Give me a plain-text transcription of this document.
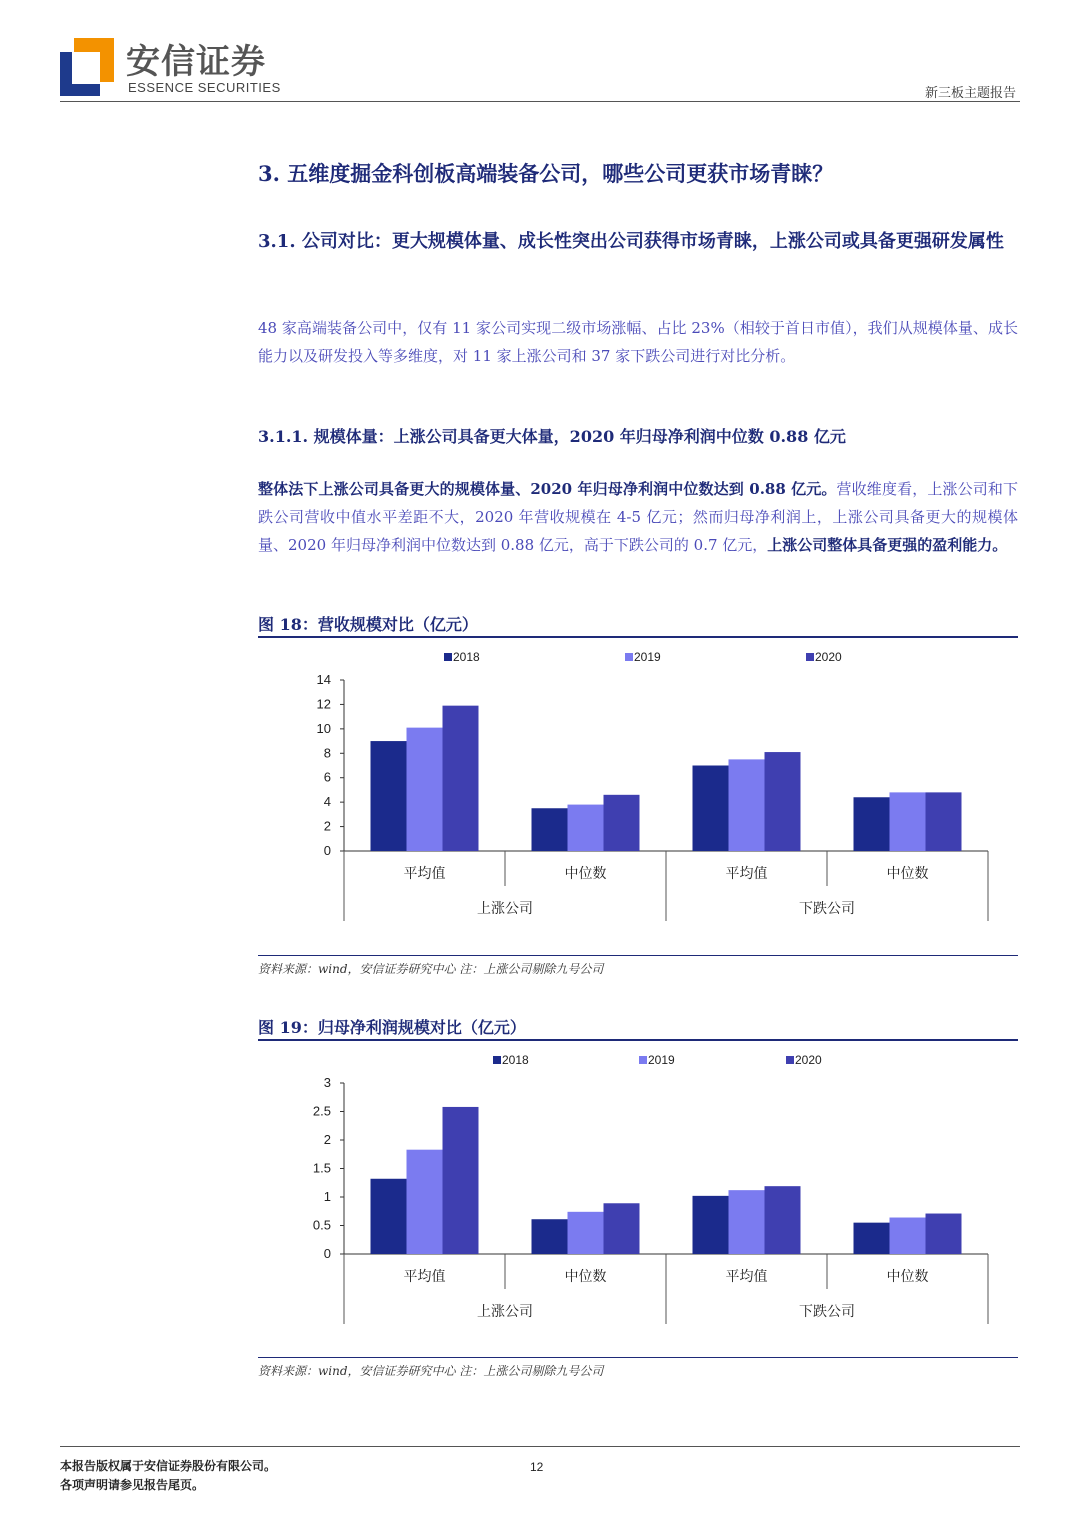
安信证券
ESSENCE SECURITIES	新三板主题报告
3. 五维度掘金科创板高端装备公司，哪些公司更获市场青睐？
3.1. 公司对比：更大规模体量、成长性突出公司获得市场青睐，上涨公司或具备更强研发属性
48 家高端装备公司中，仅有 11 家公司实现二级市场涨幅、占比 23%（相较于首日市值），我们从规模体量、成长能力以及研发投入等多维度，对 11 家上涨公司和 37 家下跌公司进行对比分析。
3.1.1. 规模体量：上涨公司具备更大体量，2020 年归母净利润中位数 0.88 亿元
整体法下上涨公司具备更大的规模体量、2020 年归母净利润中位数达到 0.88 亿元。营收维度看，上涨公司和下跌公司营收中值水平差距不大，2020 年营收规模在 4-5 亿元；然而归母净利润上，上涨公司具备更大的规模体量、2020 年归母净利润中位数达到 0.88 亿元，高于下跌公司的 0.7 亿元，上涨公司整体具备更强的盈利能力。
图 18：营收规模对比（亿元）
2018	2019	2020
0
2
4
6
8
10
12
14
平均值	中位数	平均值	中位数
上涨公司	下跌公司
资料来源：wind，安信证券研究中心 注：上涨公司剔除九号公司
图 19：归母净利润规模对比（亿元）
2018	2019	2020
0
0.5
1
1.5
2
2.5
3
平均值	中位数	平均值	中位数
上涨公司	下跌公司
资料来源：wind，安信证券研究中心 注：上涨公司剔除九号公司
本报告版权属于安信证券股份有限公司。
各项声明请参见报告尾页。
12
